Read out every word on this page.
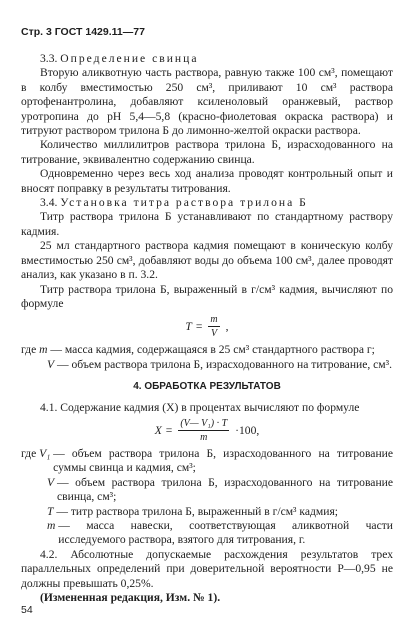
Стр. 3 ГОСТ 1429.11—77

3.3. Определение свинца

Вторую аликвотную часть раствора, равную также 100 см³, помещают в колбу вместимостью 250 см³, приливают 10 см³ раствора ортофенантролина, добавляют ксиленоловый оранжевый, раствор уротропина до pH 5,4—5,8 (красно-фиолетовая окраска раствора) и титруют раствором трилона Б до лимонно-желтой окраски раствора.

Количество миллилитров раствора трилона Б, израсходованного на титрование, эквивалентно содержанию свинца.

Одновременно через весь ход анализа проводят контрольный опыт и вносят поправку в результаты титрования.

3.4. Установка титра раствора трилона Б

Титр раствора трилона Б устанавливают по стандартному раствору кадмия.

25 мл стандартного раствора кадмия помещают в коническую колбу вместимостью 250 см³, добавляют воды до объема 100 см³, далее проводят анализ, как указано в п. 3.2.

Титр раствора трилона Б, выраженный в г/см³ кадмия, вычисляют по формуле

$T = \frac{m}{V}$ ,
где m — масса кадмия, содержащаяся в 25 см³ стандартного раствора г;
V — объем раствора трилона Б, израсходованного на титрование, см³.
4. ОБРАБОТКА РЕЗУЛЬТАТОВ

4.1. Содержание кадмия (X) в процентах вычисляют по формуле

$X = \frac{\text{(V— V₁) · T}}{m} \cdot 100$,
где V₁ — объем раствора трилона Б, израсходованного на титрование суммы свинца и кадмия, см³;
V — объем раствора трилона Б, израсходованного на титрование свинца, см³;
T — титр раствора трилона Б, выраженный в г/см³ кадмия;
m — масса навески, соответствующая аликвотной части исследуемого раствора, взятого для титрования, г.

4.2. Абсолютные допускаемые расхождения результатов трех параллельных определений при доверительной вероятности P—0,95 не должны превышать 0,25%.

(Измененная редакция, Изм. № 1).

54
